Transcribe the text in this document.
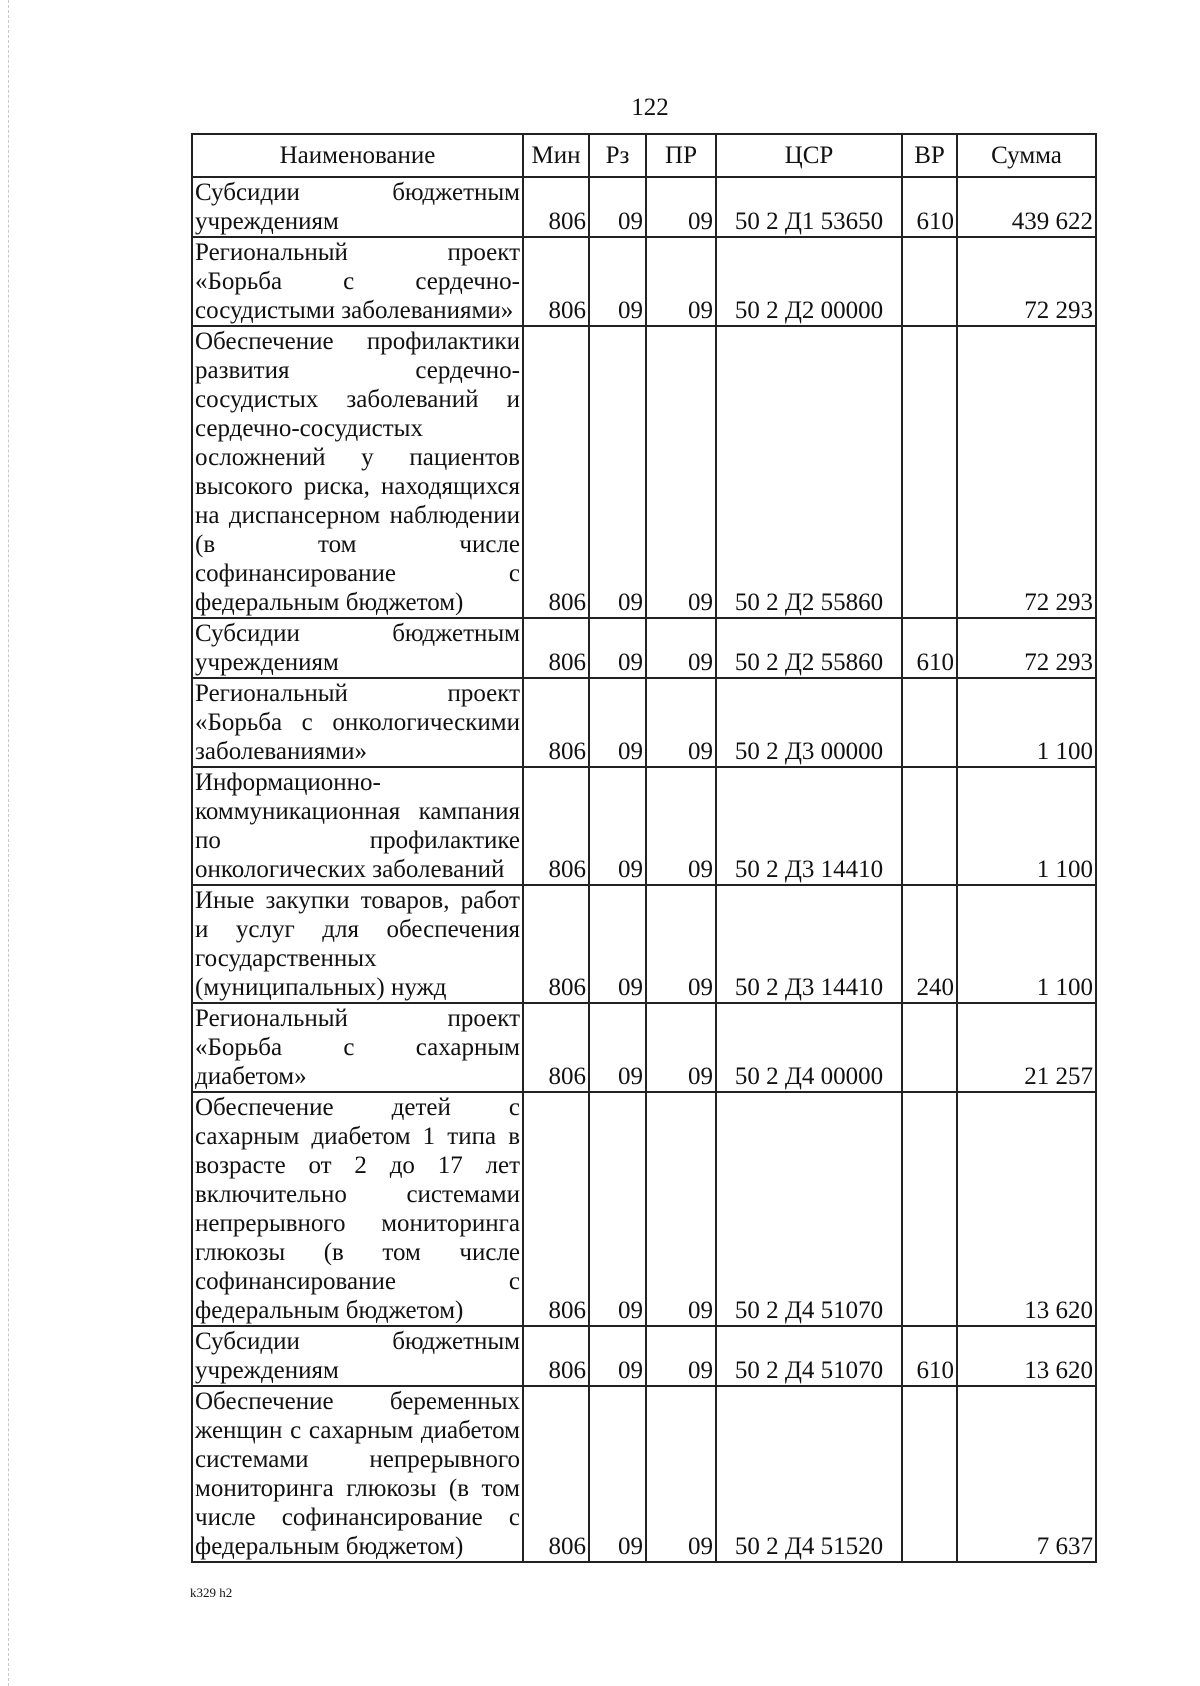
122
Наименование	Мин	Рз	ПР	ЦСР	ВР	Сумма
Субсидии бюджетным учреждениям	806	09	09	50 2 Д1 53650	610	439 622
Региональный проект «Борьба с сердечно-сосудистыми заболеваниями»	806	09	09	50 2 Д2 00000		72 293
Обеспечение профилактики развития сердечно-сосудистых заболеваний и сердечно-сосудистых осложнений у пациентов высокого риска, находящихся на диспансерном наблюдении (в том числе софинансирование с федеральным бюджетом)	806	09	09	50 2 Д2 55860		72 293
Субсидии бюджетным учреждениям	806	09	09	50 2 Д2 55860	610	72 293
Региональный проект «Борьба с онкологическими заболеваниями»	806	09	09	50 2 Д3 00000		1 100
Информационно-коммуникационная кампания по профилактике онкологических заболеваний	806	09	09	50 2 Д3 14410		1 100
Иные закупки товаров, работ и услуг для обеспечения государственных (муниципальных) нужд	806	09	09	50 2 Д3 14410	240	1 100
Региональный проект «Борьба с сахарным диабетом»	806	09	09	50 2 Д4 00000		21 257
Обеспечение детей с сахарным диабетом 1 типа в возрасте от 2 до 17 лет включительно системами непрерывного мониторинга глюкозы (в том числе софинансирование с федеральным бюджетом)	806	09	09	50 2 Д4 51070		13 620
Субсидии бюджетным учреждениям	806	09	09	50 2 Д4 51070	610	13 620
Обеспечение беременных женщин с сахарным диабетом системами непрерывного мониторинга глюкозы (в том числе софинансирование с федеральным бюджетом)	806	09	09	50 2 Д4 51520		7 637
k329 h2
